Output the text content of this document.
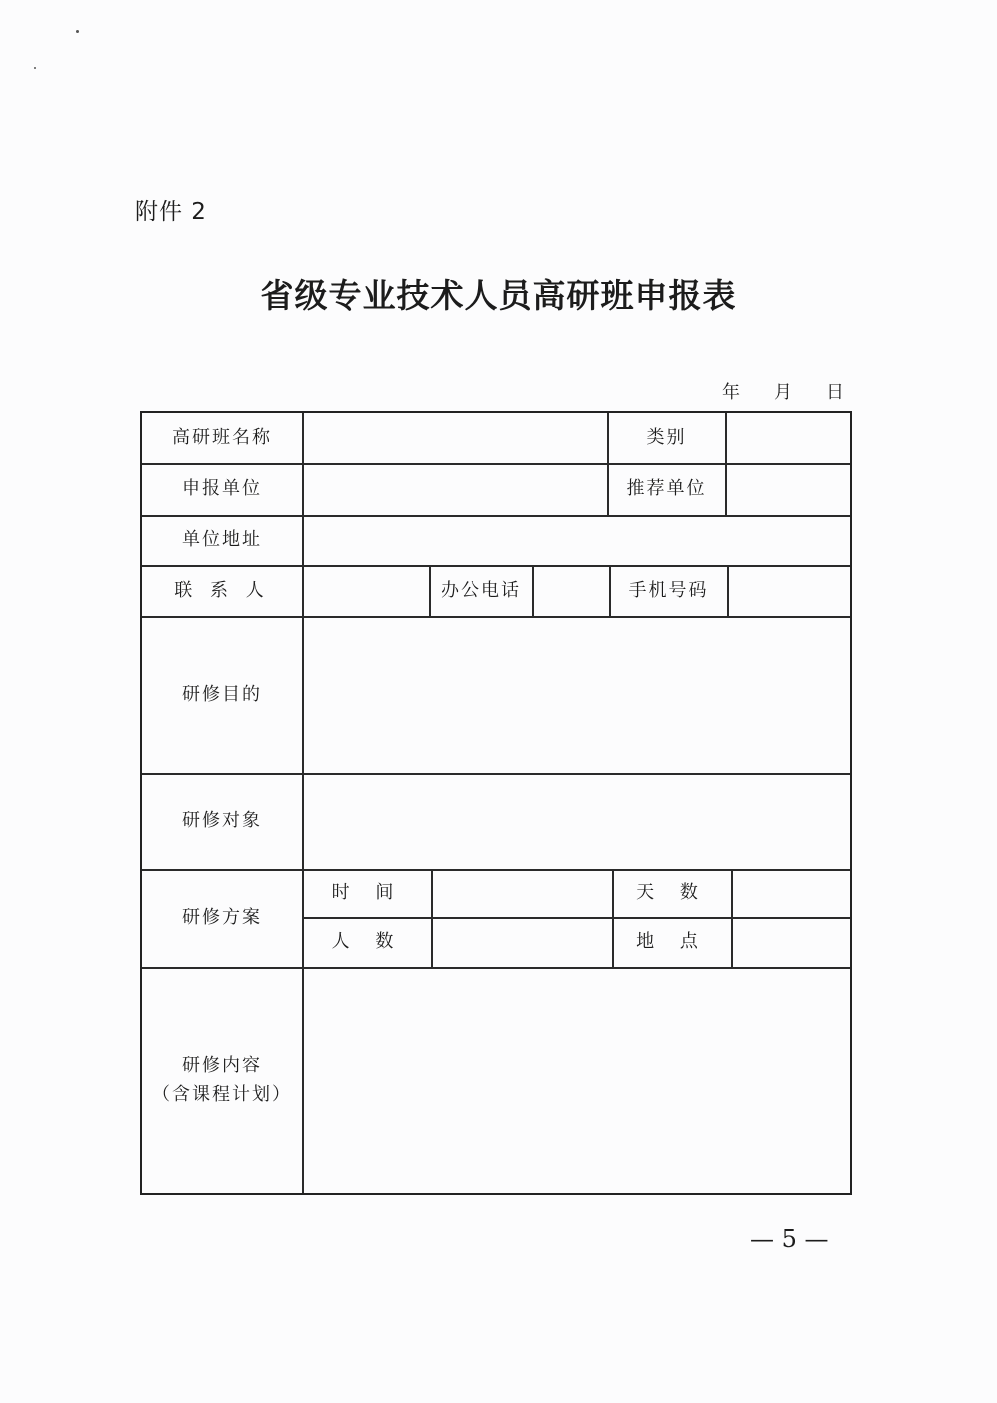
附件 2
省级专业技术人员高研班申报表
年 月 日
高研班名称	类别
申报单位	推荐单位
单位地址
联 系 人	办公电话	手机号码
研修目的
研修对象
研修方案
时 间	天 数
人 数	地 点
研修内容
（含课程计划）
— 5 —
